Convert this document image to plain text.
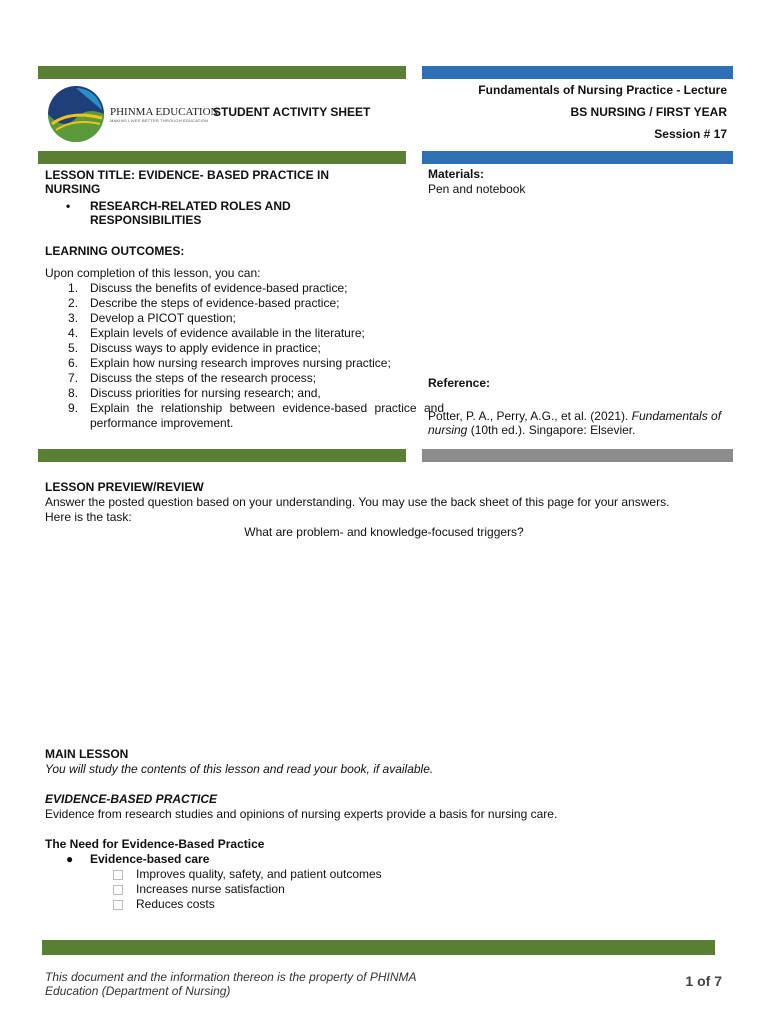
PHINMA EDUCATION
MAKING LIVES BETTER THROUGH EDUCATION
STUDENT ACTIVITY SHEET
Fundamentals of Nursing Practice - Lecture
BS NURSING / FIRST YEAR
Session # 17
LESSON TITLE: EVIDENCE- BASED PRACTICE IN NURSING
• RESEARCH-RELATED ROLES AND RESPONSIBILITIES
LEARNING OUTCOMES:
Upon completion of this lesson, you can:
Discuss the benefits of evidence-based practice;
Describe the steps of evidence-based practice;
Develop a PICOT question;
Explain levels of evidence available in the literature;
Discuss ways to apply evidence in practice;
Explain how nursing research improves nursing practice;
Discuss the steps of the research process;
Discuss priorities for nursing research; and,
Explain the relationship between evidence-based practice and performance improvement.
Materials:
Pen and notebook
Reference:
Potter, P. A., Perry, A.G., et al. (2021). Fundamentals of nursing (10th ed.). Singapore: Elsevier.
LESSON PREVIEW/REVIEW
Answer the posted question based on your understanding. You may use the back sheet of this page for your answers.
Here is the task:
What are problem- and knowledge-focused triggers?
MAIN LESSON
You will study the contents of this lesson and read your book, if available.
EVIDENCE-BASED PRACTICE
Evidence from research studies and opinions of nursing experts provide a basis for nursing care.
The Need for Evidence-Based Practice
● Evidence-based care
Improves quality, safety, and patient outcomes
Increases nurse satisfaction
Reduces costs
This document and the information thereon is the property of PHINMA Education (Department of Nursing)
1 of 7
